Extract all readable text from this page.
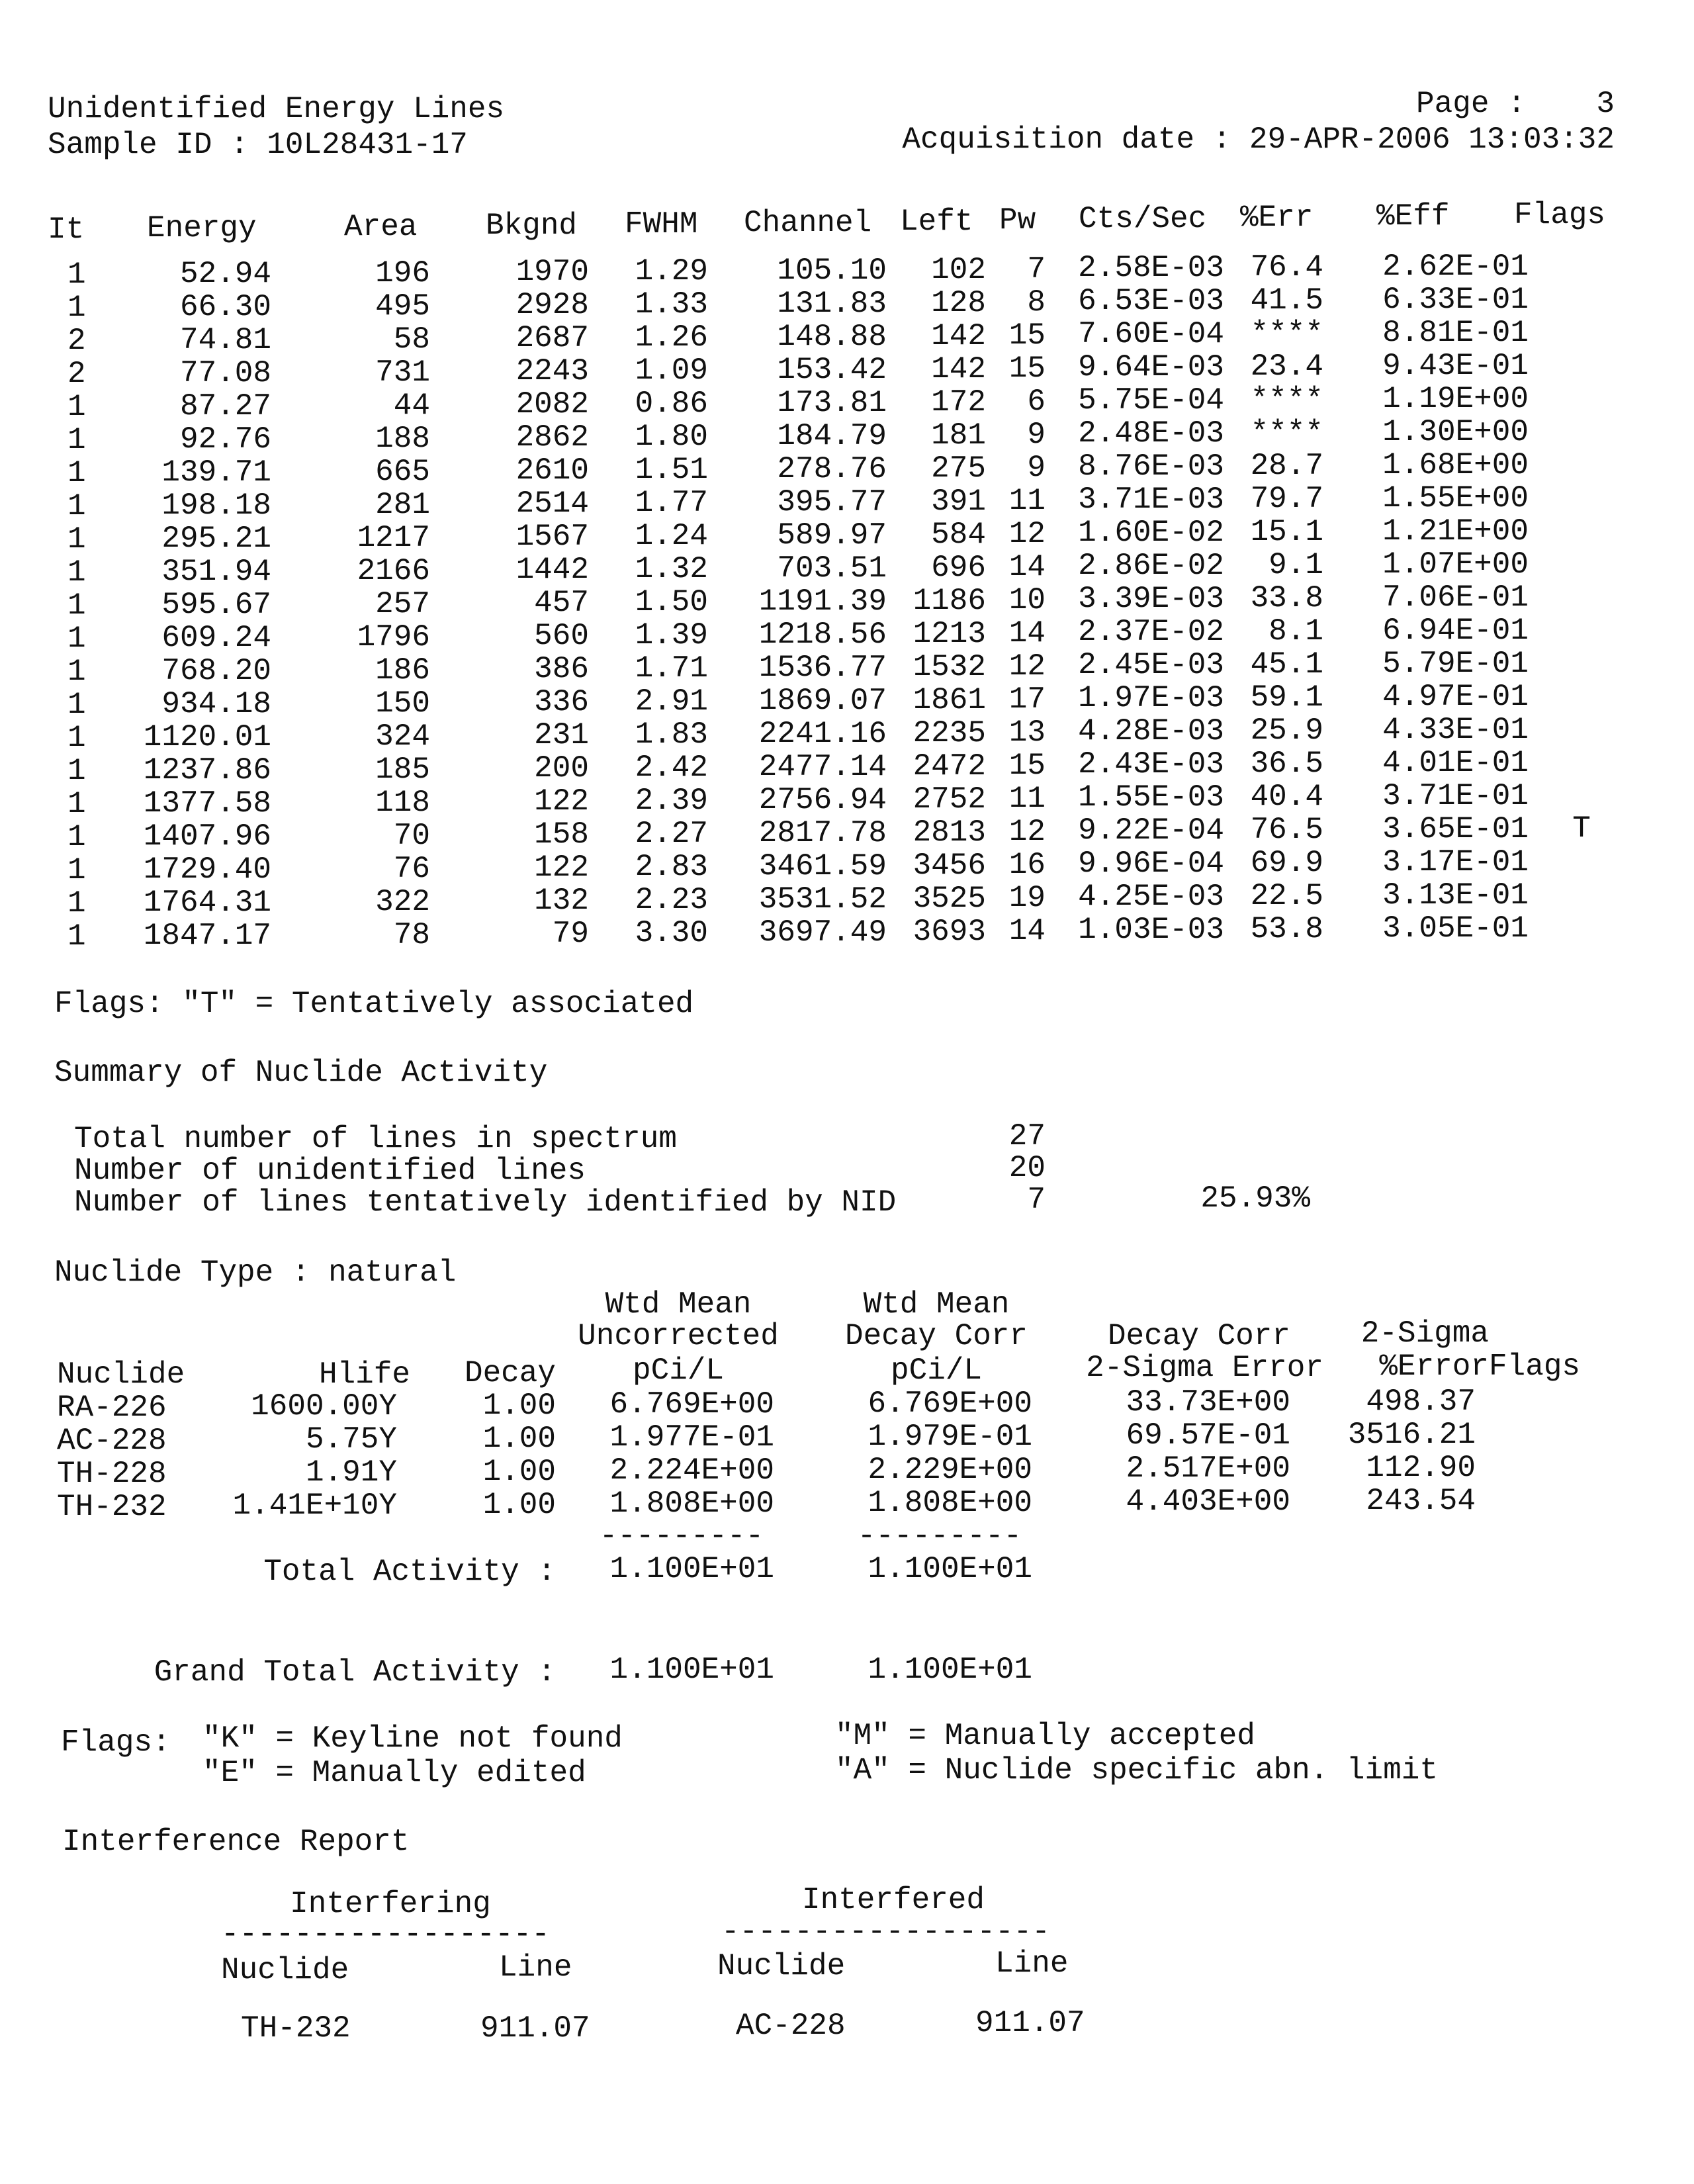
Unidentified Energy Lines	Page :	3
Sample ID : 10L28431-17	Acquisition date : 29-APR-2006 13:03:32
It Energy	Area Bkgnd FWHM Channel Left Pw Cts/Sec %Err %Eff Flags
1	52.94	196	1970	1.29	105.10	102	7	2.58E-03 76.4	2.62E-01
1	66.30	495	2928	1.33	131.83	128	8	6.53E-03 41.5	6.33E-01
2	74.81	58	2687	1.26	148.88	142 15	7.60E-04 ****	8.81E-01
2	77.08	731	2243	1.09	153.42	142 15	9.64E-03 23.4	9.43E-01
1	87.27	44	2082	0.86	173.81	172	6	5.75E-04 ****	1.19E+00
1	92.76	188	2862	1.80	184.79	181	9	2.48E-03 ****	1.30E+00
1	139.71	665	2610	1.51	278.76	275	9	8.76E-03 28.7	1.68E+00
1	198.18	281	2514	1.77	395.77	391 11	3.71E-03 79.7	1.55E+00
1	295.21	1217	1567	1.24	589.97	584 12	1.60E-02 15.1	1.21E+00
1	351.94	2166	1442	1.32	703.51	696 14	2.86E-02	9.1	1.07E+00
1	595.67	257	457	1.50	1191.39 1186 10	3.39E-03 33.8	7.06E-01
1	609.24	1796	560	1.39	1218.56 1213 14	2.37E-02	8.1	6.94E-01
1	768.20	186	386	1.71	1536.77 1532 12	2.45E-03 45.1	5.79E-01
1	934.18	150	336	2.91	1869.07 1861 17	1.97E-03 59.1	4.97E-01
1	1120.01	324	231	1.83	2241.16 2235 13	4.28E-03 25.9	4.33E-01
1	1237.86	185	200	2.42	2477.14 2472 15	2.43E-03 36.5	4.01E-01
1	1377.58	118	122	2.39	2756.94 2752 11	1.55E-03 40.4	3.71E-01
1	1407.96	70	158	2.27	2817.78 2813 12	9.22E-04 76.5	3.65E-01	T
1	1729.40	76	122	2.83	3461.59 3456 16	9.96E-04 69.9	3.17E-01
1	1764.31	322	132	2.23	3531.52 3525 19	4.25E-03 22.5	3.13E-01
1	1847.17	78	79	3.30	3697.49 3693 14	1.03E-03 53.8	3.05E-01
Flags: "T" = Tentatively associated
Summary of Nuclide Activity
Total number of lines in spectrum	27
Number of unidentified lines	20
Number of lines tentatively identified by NID	7	25.93%
Nuclide Type : natural
Wtd Mean	Wtd Mean
Uncorrected	Decay Corr	Decay Corr	2-Sigma
Nuclide	Hlife	Decay	pCi/L	pCi/L	2-Sigma Error	%Error Flags
RA-226	1600.00Y	1.00	6.769E+00	6.769E+00	33.73E+00	498.37
AC-228	5.75Y	1.00	1.977E-01	1.979E-01	69.57E-01	3516.21
TH-228	1.91Y	1.00	2.224E+00	2.229E+00	2.517E+00	112.90
TH-232	1.41E+10Y	1.00	1.808E+00	1.808E+00	4.403E+00	243.54
---------	---------
Total Activity :	1.100E+01	1.100E+01
Grand Total Activity :	1.100E+01	1.100E+01
Flags: "K" = Keyline not found
"E" = Manually edited
"M" = Manually accepted
"A" = Nuclide specific abn. limit
Interference Report
Interfering	Interfered
------------------	------------------
Nuclide	Line	Nuclide	Line
TH-232	911.07	AC-228	911.07
